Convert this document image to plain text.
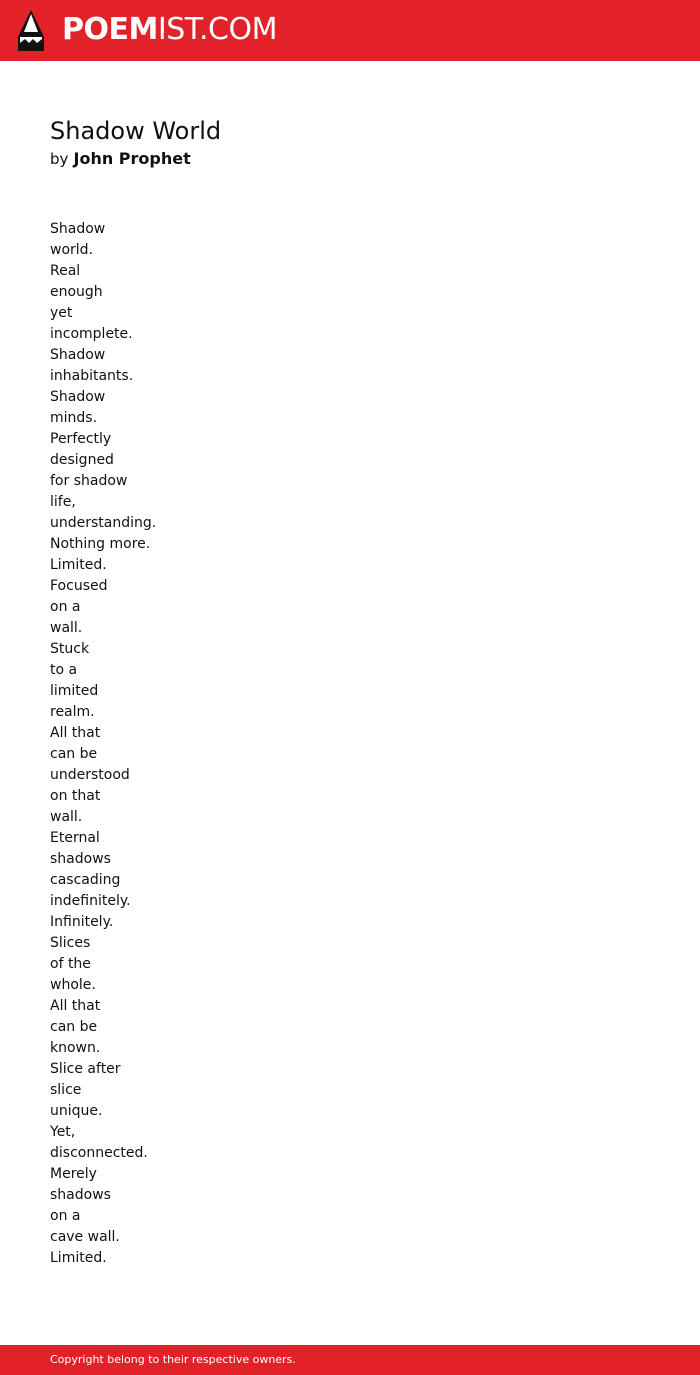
POEMIST.COM
Shadow World
by John Prophet
Shadow
world.
Real
enough
yet
incomplete.
Shadow
inhabitants.
Shadow
minds.
Perfectly
designed
for shadow
life,
understanding.
Nothing more.
Limited.
Focused
on a
wall.
Stuck
to a
limited
realm.
All that
can be
understood
on that
wall.
Eternal
shadows
cascading
indefinitely.
Infinitely.
Slices
of the
whole.
All that
can be
known.
Slice after
slice
unique.
Yet,
disconnected.
Merely
shadows
on a
cave wall.
Limited.
Copyright belong to their respective owners.
